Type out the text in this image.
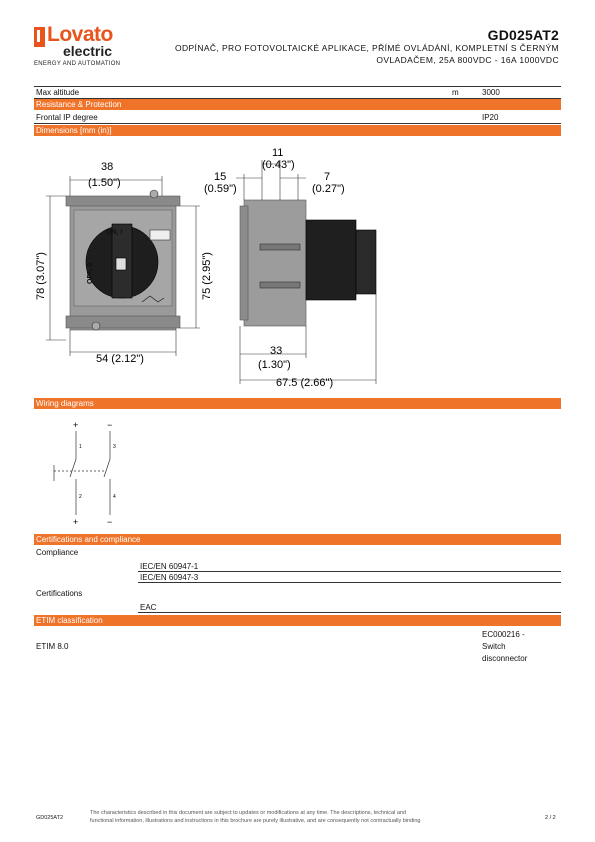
Lovato
electric
ENERGY AND AUTOMATION
GD025AT2
ODPÍNAČ, PRO FOTOVOLTAICKÉ APLIKACE, PŘÍMÉ OVLÁDÁNÍ, KOMPLETNÍ S ČERNÝM
OVLADAČEM, 25A 800VDC - 16A 1000VDC
Max altitude	m	3000
Resistance & Protection
Frontal IP degree	IP20
Dimensions [mm (in)]
38
(1.50")
78 (3.07")	75 (2.95")
54 (2.12")
ON, I
OFF, 0
11
(0.43")
15
(0.59")
7
(0.27")
33
(1.30")
67.5 (2.66")
Wiring diagrams
+	−
1	3
2	4
+	−
Certifications and compliance
Compliance
IEC/EN 60947-1
IEC/EN 60947-3
Certifications
EAC
ETIM classification
ETIM 8.0
EC000216 -
Switch
disconnector
GD025AT2
The characteristics described in this document are subject to updates or modifications at any time. The descriptions, technical and
functional information, illustrations and instructions in this brochure are purely illustrative, and are consequently not contractually binding	2 / 2
